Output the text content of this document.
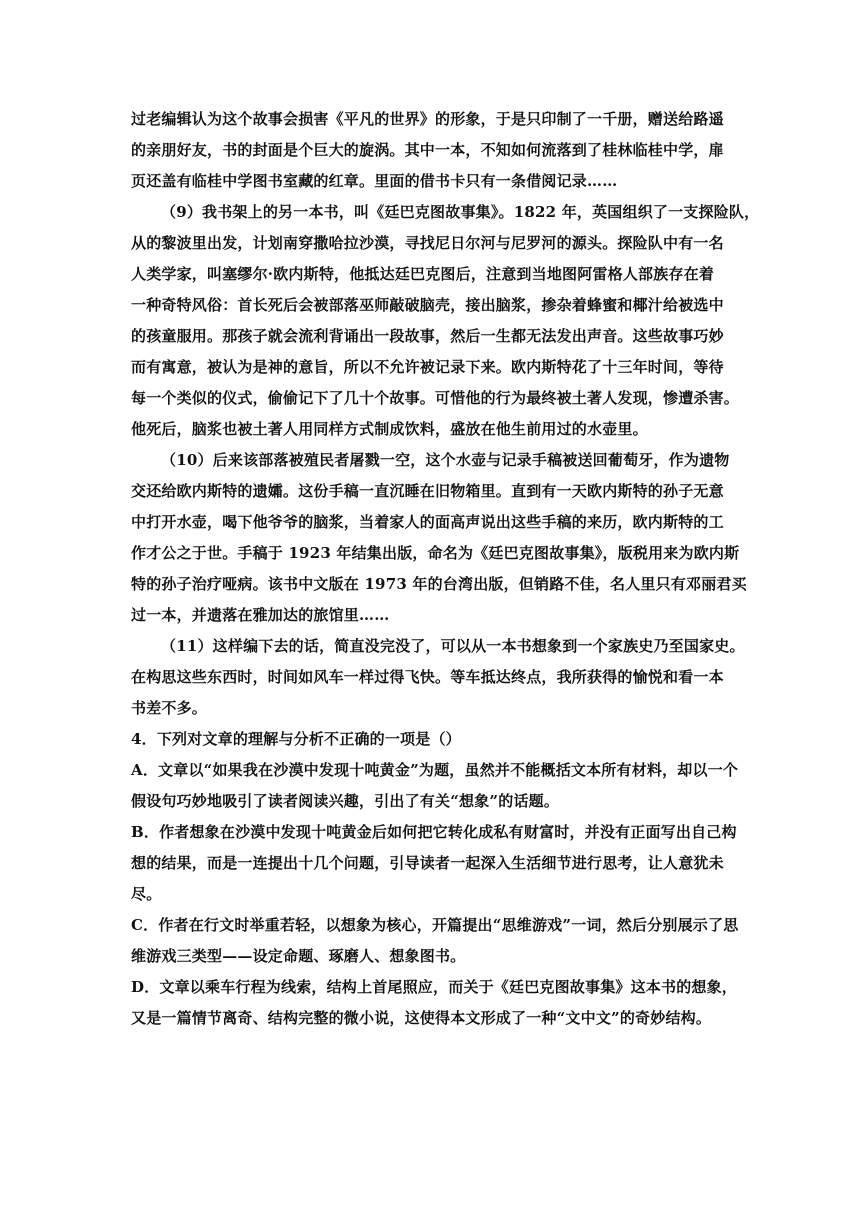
过老编辑认为这个故事会损害《平凡的世界》的形象，于是只印制了一千册，赠送给路遥
的亲朋好友，书的封面是个巨大的旋涡。其中一本，不知如何流落到了桂林临桂中学，扉
页还盖有临桂中学图书室藏的红章。里面的借书卡只有一条借阅记录……
（9）我书架上的另一本书，叫《廷巴克图故事集》。1822 年，英国组织了一支探险队，
从的黎波里出发，计划南穿撒哈拉沙漠，寻找尼日尔河与尼罗河的源头。探险队中有一名
人类学家，叫塞缪尔·欧内斯特，他抵达廷巴克图后，注意到当地图阿雷格人部族存在着
一种奇特风俗：首长死后会被部落巫师敲破脑壳，接出脑浆，掺杂着蜂蜜和椰汁给被选中
的孩童服用。那孩子就会流利背诵出一段故事，然后一生都无法发出声音。这些故事巧妙
而有寓意，被认为是神的意旨，所以不允许被记录下来。欧内斯特花了十三年时间，等待
每一个类似的仪式，偷偷记下了几十个故事。可惜他的行为最终被土著人发现，惨遭杀害。
他死后，脑浆也被土著人用同样方式制成饮料，盛放在他生前用过的水壶里。
（10）后来该部落被殖民者屠戮一空，这个水壶与记录手稿被送回葡萄牙，作为遗物
交还给欧内斯特的遗孀。这份手稿一直沉睡在旧物箱里。直到有一天欧内斯特的孙子无意
中打开水壶，喝下他爷爷的脑浆，当着家人的面高声说出这些手稿的来历，欧内斯特的工
作才公之于世。手稿于 1923 年结集出版，命名为《廷巴克图故事集》，版税用来为欧内斯
特的孙子治疗哑病。该书中文版在 1973 年的台湾出版，但销路不佳，名人里只有邓丽君买
过一本，并遗落在雅加达的旅馆里……
（11）这样编下去的话，简直没完没了，可以从一本书想象到一个家族史乃至国家史。
在构思这些东西时，时间如风车一样过得飞快。等车抵达终点，我所获得的愉悦和看一本
书差不多。
4．下列对文章的理解与分析不正确的一项是（）
A．文章以“如果我在沙漠中发现十吨黄金”为题，虽然并不能概括文本所有材料，却以一个
假设句巧妙地吸引了读者阅读兴趣，引出了有关“想象”的话题。
B．作者想象在沙漠中发现十吨黄金后如何把它转化成私有财富时，并没有正面写出自己构
想的结果，而是一连提出十几个问题，引导读者一起深入生活细节进行思考，让人意犹未
尽。
C．作者在行文时举重若轻，以想象为核心，开篇提出“思维游戏”一词，然后分别展示了思
维游戏三类型——设定命题、琢磨人、想象图书。
D．文章以乘车行程为线索，结构上首尾照应，而关于《廷巴克图故事集》这本书的想象，
又是一篇情节离奇、结构完整的微小说，这使得本文形成了一种“文中文”的奇妙结构。
